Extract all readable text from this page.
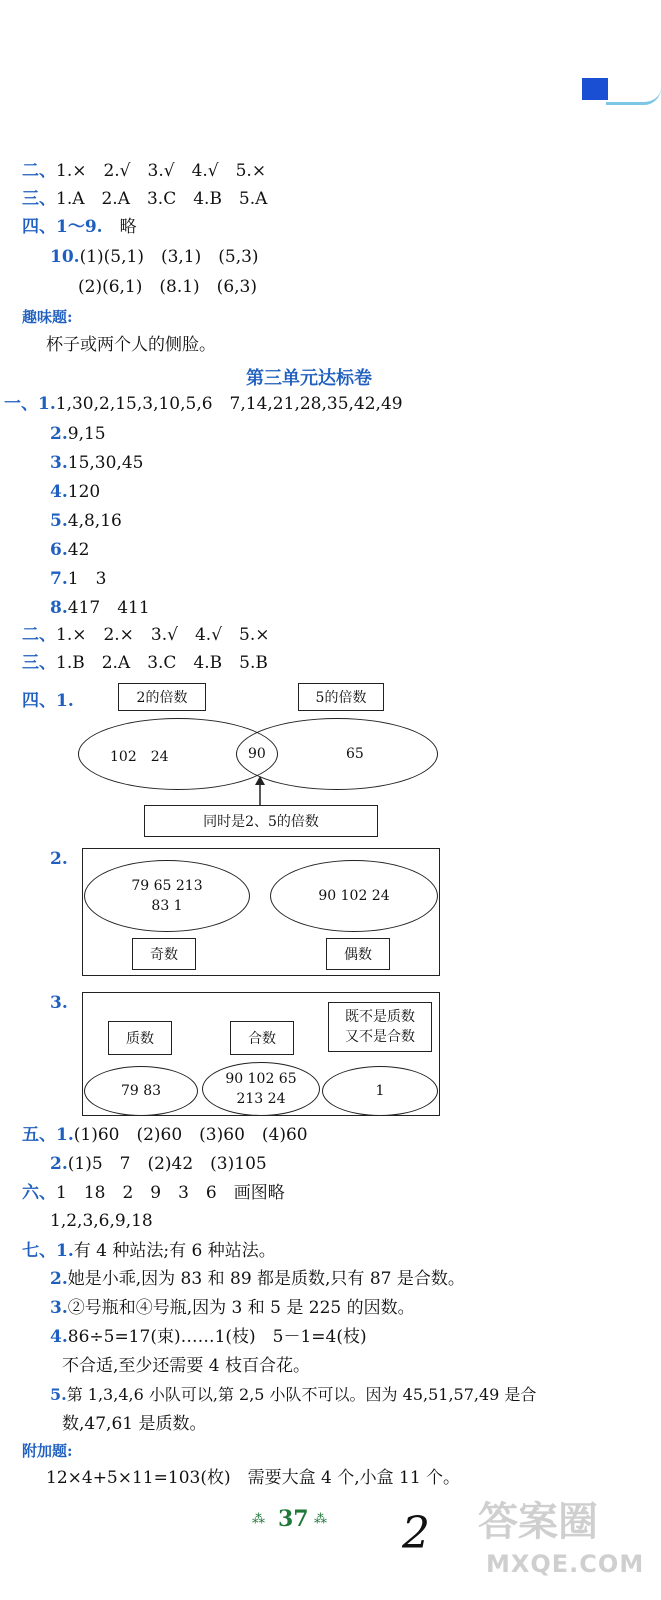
二、1.×　2.√　3.√　4.√　5.×
三、1.A　2.A　3.C　4.B　5.A
四、1～9.　 略
10.(1)(5,1)　(3,1)　(5,3)
(2)(6,1)　(8.1)　(6,3)
趣味题:
杯子或两个人的侧脸。
第三单元达标卷
一、1.1,30,2,15,3,10,5,6　7,14,21,28,35,42,49
2.9,15
3.15,30,45
4.120
5.4,8,16
6.42
7.1　3
8.417　411
二、1.×　2.×　3.√　4.√　5.×
三、1.B　2.A　3.C　4.B　5.B
四、1.	2的倍数	5的倍数
102　24	90	65
同时是2、5的倍数
2.
79 65 213
83 1
90 102 24
奇数	偶数
3.
质数	合数
既不是质数
又不是合数
79 83
90 102 65
213 24	1
五、1.(1)60　(2)60　(3)60　(4)60
2.(1)5　7　(2)42　(3)105
六、1　18　2　9　3　6　画图略
1,2,3,6,9,18
七、1.有 4 种站法;有 6 种站法。
2.她是小乖,因为 83 和 89 都是质数,只有 87 是合数。
3.②号瓶和④号瓶,因为 3 和 5 是 225 的因数。
4.86÷5=17(束)……1(枝)　5－1=4(枝)
不合适,至少还需要 4 枝百合花。
5.第 1,3,4,6 小队可以,第 2,5 小队不可以。因为 45,51,57,49 是合
数,47,61 是质数。
附加题:
12×4+5×11=103(枚)　需要大盒 4 个,小盒 11 个。
⁂ 37 ⁂ 2 答案圈
MXQE.COM
